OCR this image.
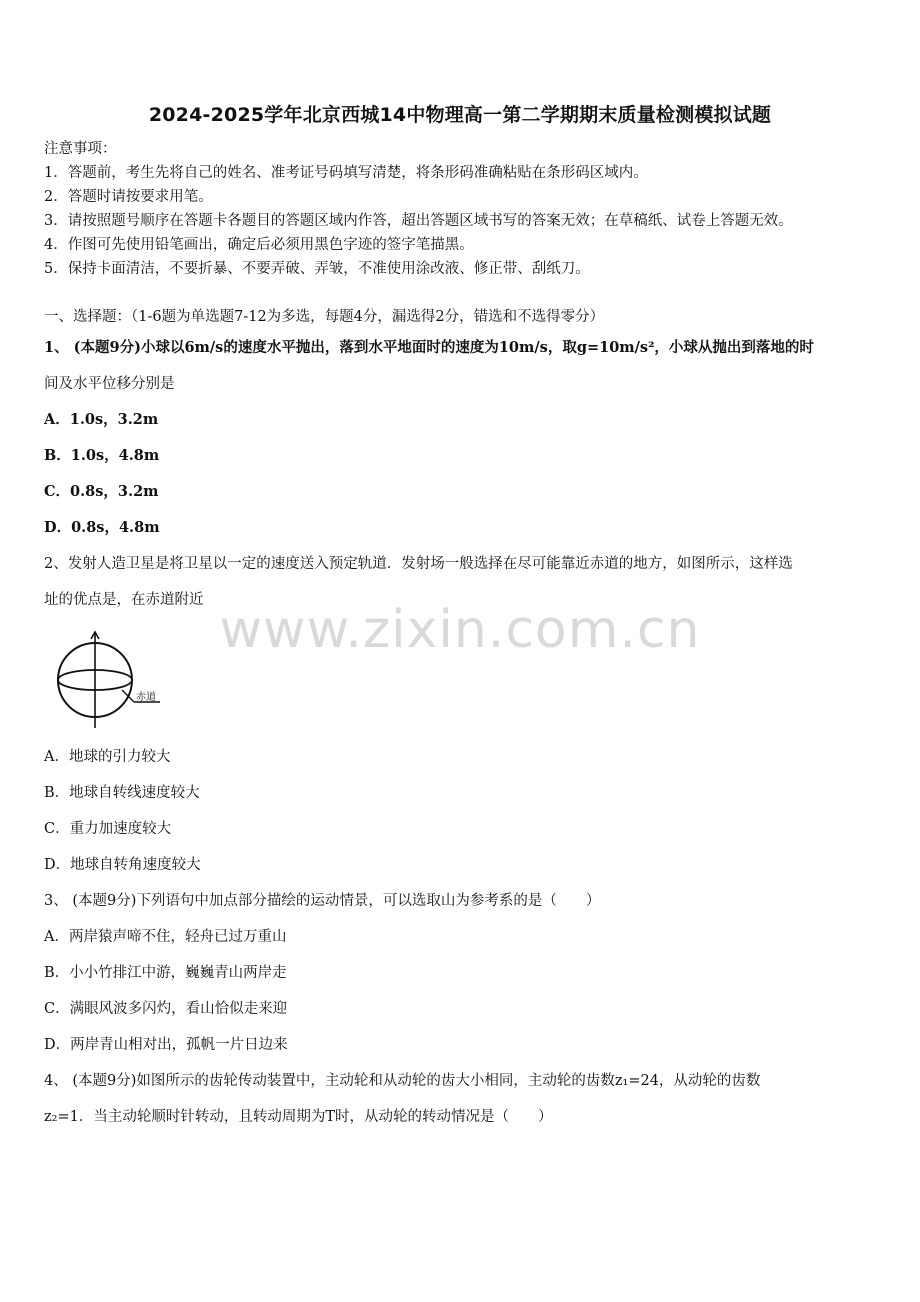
2024-2025学年北京西城14中物理高一第二学期期末质量检测模拟试题
注意事项：
1．答题前，考生先将自己的姓名、准考证号码填写清楚，将条形码准确粘贴在条形码区域内。
2．答题时请按要求用笔。
3．请按照题号顺序在答题卡各题目的答题区域内作答，超出答题区域书写的答案无效；在草稿纸、试卷上答题无效。
4．作图可先使用铅笔画出，确定后必须用黑色字迹的签字笔描黑。
5．保持卡面清洁，不要折暴、不要弄破、弄皱，不准使用涂改液、修正带、刮纸刀。
一、选择题：（1-6题为单选题7-12为多选，每题4分，漏选得2分，错选和不选得零分）
1、 (本题9分)小球以6m/s的速度水平抛出，落到水平地面时的速度为10m/s，取g=10m/s²，小球从抛出到落地的时
间及水平位移分别是
A．1.0s，3.2m
B．1.0s，4.8m
C．0.8s，3.2m
D．0.8s，4.8m
2、发射人造卫星是将卫星以一定的速度送入预定轨道．发射场一般选择在尽可能靠近赤道的地方，如图所示，这样选
址的优点是，在赤道附近 www.zixin.com.cn
赤道
A．地球的引力较大
B．地球自转线速度较大
C．重力加速度较大
D．地球自转角速度较大
3、 (本题9分)下列语句中加点部分描绘的运动情景，可以选取山为参考系的是（　　）
A．两岸猿声啼不住，轻舟已过万重山
B．小小竹排江中游，巍巍青山两岸走
C．满眼风波多闪灼，看山恰似走来迎
D．两岸青山相对出，孤帆一片日边来
4、 (本题9分)如图所示的齿轮传动装置中，主动轮和从动轮的齿大小相同，主动轮的齿数z₁=24，从动轮的齿数
z₂=1．当主动轮顺时针转动，且转动周期为T时，从动轮的转动情况是（　　）
